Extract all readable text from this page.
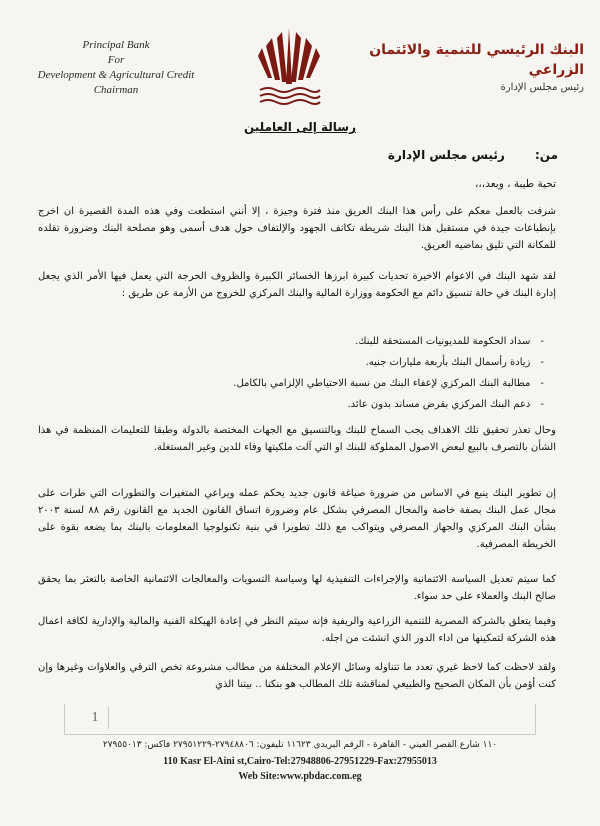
Principal Bank
For
Development & Agricultural Credit
Chairman
البنك الرئيسي للتنمية والائتمان الزراعي
رئيس مجلس الإدارة
رسالة إلى العاملين
من: رئيس مجلس الإدارة
تحية طيبة ، وبعد،،،
شرفت بالعمل معكم على رأس هذا البنك العريق منذ فترة وجيزة ، إلا أنني استطعت وفي هذه المدة القصيرة ان اخرج بإنطباعات جيدة في مستقبل هذا البنك شريطة تكاتف الجهود والإلتفاف حول هدف أسمى وهو مصلحة البنك وضرورة تقلده للمكانة التي تليق بماضيه العريق.
لقد شهد البنك في الاعوام الاخيرة تحديات كبيرة ابرزها الخسائر الكبيرة والظروف الحرجة التي يعمل فيها الأمر الذي يجعل إدارة البنك في حالة تنسيق دائم مع الحكومة ووزارة المالية والبنك المركزي للخروج من الأزمة عن طريق :
- سداد الحكومة للمديونيات المستحقة للبنك.
- زيادة رأسمال البنك بأربعة مليارات جنيه.
- مطالبة البنك المركزي لإعفاء البنك من نسبة الاحتياطي الإلزامي بالكامل.
- دعم البنك المركزي بقرض مساند بدون عائد.
وحال تعذر تحقيق تلك الاهداف يجب السماح للبنك وبالتنسيق مع الجهات المختصة بالدولة وطبقا للتعليمات المنظمة في هذا الشأن بالتصرف بالبيع لبعض الاصول المملوكة للبنك او التي آلت ملكيتها وفاء للدين وغير المستغلة.
إن تطوير البنك ينبع في الاساس من ضرورة صياغة قانون جديد يحكم عمله ويراعي المتغيرات والتطورات التي طرات على مجال عمل البنك بصفة خاصة والمجال المصرفي بشكل عام وضرورة اتساق القانون الجديد مع القانون رقم ٨٨ لسنة ٢٠٠٣ بشأن البنك المركزي والجهاز المصرفي ويتواكب مع ذلك تطويرا في بنية تكنولوجيا المعلومات بالبنك بما يضعه بقوة على الخريطة المصرفية.
كما سيتم تعديل السياسة الائتمانية والإجراءات التنفيذية لها وسياسة التسويات والمعالجات الائتمانية الخاصة بالتعثر بما يحقق صالح البنك والعملاء على حد سواء.
وفيما يتعلق بالشركة المصرية للتنمية الزراعية والريفية فإنه سيتم النظر في إعادة الهيكلة الفنية والمالية والإدارية لكافة اعمال هذه الشركة لتمكينها من اداء الدور الذي انشئت من اجله.
ولقد لاحظت كما لاحظ غيري تعدد ما تتناوله وسائل الإعلام المختلفة من مطالب مشروعة تخص الترقي والعلاوات وغيرها وإن كنت أؤمن بأن المكان الصحيح والطبيعي لمناقشة تلك المطالب هو بنكنا .. بيتنا الذي
1
١١٠ شارع القصر العيني - القاهرة - الرقم البريدي ١١٦٢٣ تليفون: ٢٧٩٤٨٨٠٦-٢٧٩٥١٢٢٩ فاكس: ٢٧٩٥٥٠١٣
110 Kasr El-Aini st,Cairo-Tel:27948806-27951229-Fax:27955013
Web Site:www.pbdac.com.eg
